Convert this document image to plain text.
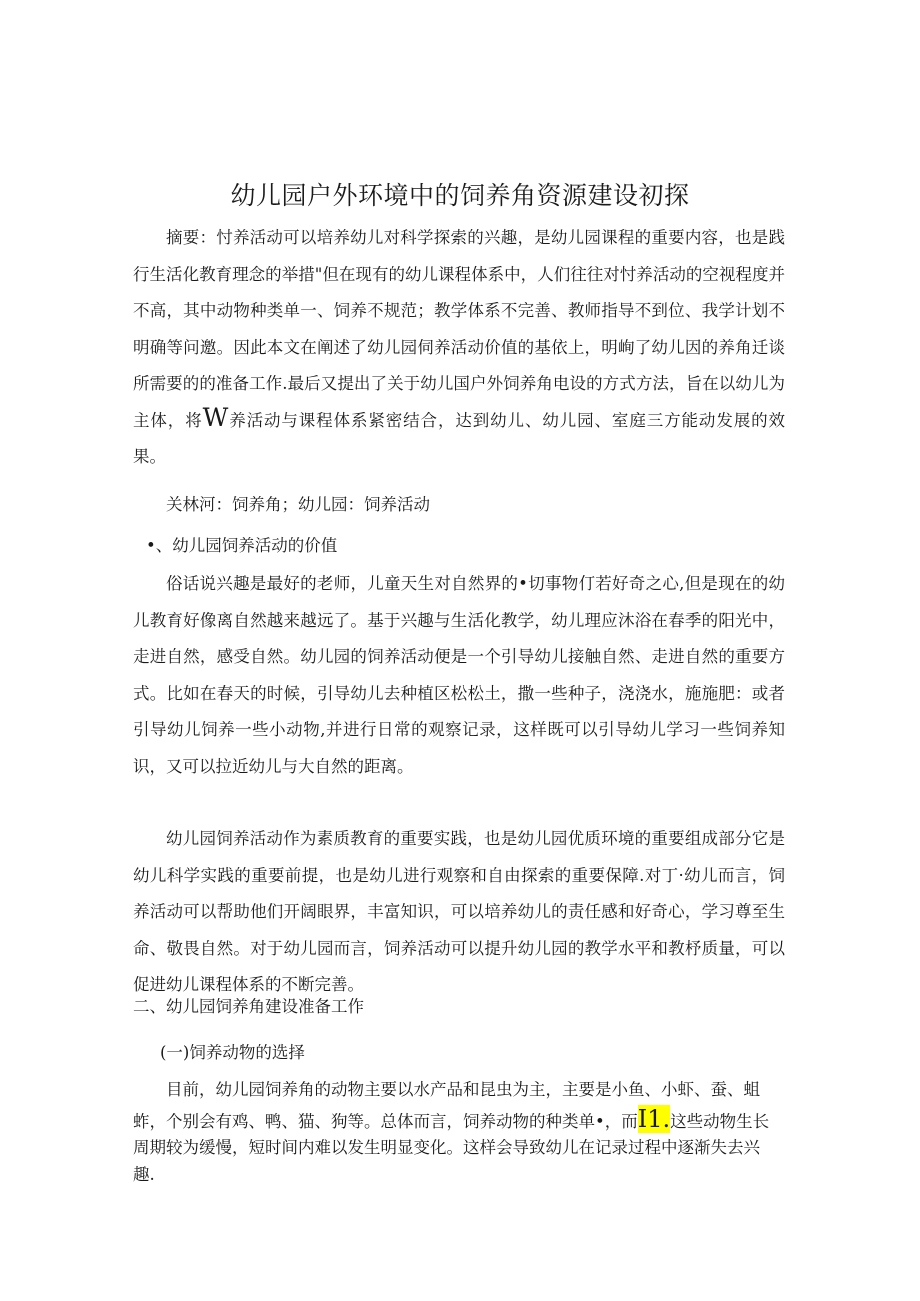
幼儿园户外环境中的饲养角资源建设初探

摘要：忖养活动可以培养幼儿对科学探索的兴趣，是幼儿园课程的重要内容，也是践行生活化教育理念的举措"但在现有的幼儿课程体系中，人们往往对忖养活动的空视程度并不高，其中动物种类单一、饲养不规范；教学体系不完善、教师指导不到位、我学计划不明确等问邀。因此本文在阐述了幼儿园伺养活动价值的基依上，明峋了幼儿因的养角迁谈所需要的的准备工作.最后又提出了关于幼儿国户外饲养角电设的方式方法，旨在以幼儿为主体，将W养活动与课程体系紧密结合，达到幼儿、幼儿园、室庭三方能动发展的效果。

关林河：饲养角；幼儿园：饲养活动
•、幼儿园饲养活动的价值

俗话说兴趣是最好的老师，儿童天生对自然界的•切事物仃若好奇之心,但是现在的幼儿教育好像离自然越来越远了。基于兴趣与生活化教学，幼儿理应沐浴在春季的阳光中，走进自然，感受自然。幼儿园的饲养活动便是一个引导幼儿接触自然、走进自然的重要方式。比如在春天的时候，引导幼儿去种植区松松土，撒一些种子，浇浇水，施施肥：或者引导幼儿饲养一些小动物,并进行日常的观察记录，这样既可以引导幼儿学习一些饲养知识，又可以拉近幼儿与大自然的距离。

幼儿园饲养活动作为素质教育的重要实践，也是幼儿园优质环境的重要组成部分它是幼儿科学实践的重要前提，也是幼儿进行观察和自由探索的重要保障.对丁·幼儿而言，饲养活动可以帮助他们开阔眼界，丰富知识，可以培养幼儿的责任感和好奇心，学习尊至生命、敬畏自然。对于幼儿园而言，饲养活动可以提升幼儿园的教学水平和教杼质量，可以促进幼儿课程体系的不断完善。

二、幼儿园饲养角建设准备工作
(一)饲养动物的选择
目前，幼儿园饲养角的动物主要以水产品和昆虫为主，主要是小鱼、小虾、蚕、蛆
蚱，个别会有鸡、鸭、猫、狗等。总体而言，饲养动物的种类单•，而I1.这些动物生长
周期较为缓慢，短时间内难以发生明显变化。这样会导致幼儿在记录过程中逐渐失去兴
趣.
